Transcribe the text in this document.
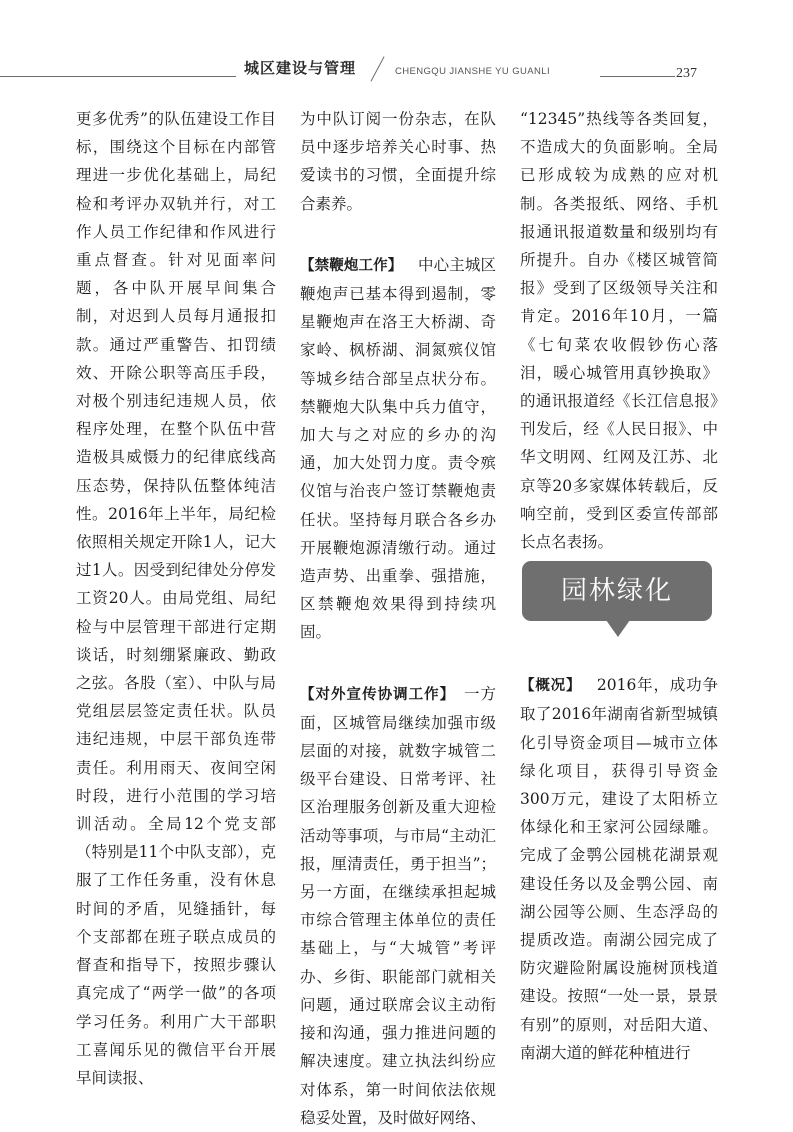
城区建设与管理	CHENGQU JIANSHE YU GUANLI	237

更多优秀”的队伍建设工作目标，围绕这个目标在内部管理进一步优化基础上，局纪检和考评办双轨并行，对工作人员工作纪律和作风进行重点督查。针对见面率问题，各中队开展早间集合制，对迟到人员每月通报扣款。通过严重警告、扣罚绩效、开除公职等高压手段，对极个别违纪违规人员，依程序处理，在整个队伍中营造极具威慑力的纪律底线高压态势，保持队伍整体纯洁性。2016年上半年，局纪检依照相关规定开除1人，记大过1人。因受到纪律处分停发工资20人。由局党组、局纪检与中层管理干部进行定期谈话，时刻绷紧廉政、勤政之弦。各股（室）、中队与局党组层层签定责任状。队员违纪违规，中层干部负连带责任。利用雨天、夜间空闲时段，进行小范围的学习培训活动。全局12个党支部（特别是11个中队支部），克服了工作任务重，没有休息时间的矛盾，见缝插针，每个支部都在班子联点成员的督查和指导下，按照步骤认真完成了“两学一做”的各项学习任务。利用广大干部职工喜闻乐见的微信平台开展早间读报、

为中队订阅一份杂志，在队员中逐步培养关心时事、热爱读书的习惯，全面提升综合素养。

【禁鞭炮工作】  中心主城区鞭炮声已基本得到遏制，零星鞭炮声在洛王大桥湖、奇家岭、枫桥湖、洞氮殡仪馆等城乡结合部呈点状分布。禁鞭炮大队集中兵力值守，加大与之对应的乡办的沟通，加大处罚力度。责令殡仪馆与治丧户签订禁鞭炮责任状。坚持每月联合各乡办开展鞭炮源清缴行动。通过造声势、出重拳、强措施，区禁鞭炮效果得到持续巩固。

【对外宣传协调工作】  一方面，区城管局继续加强市级层面的对接，就数字城管二级平台建设、日常考评、社区治理服务创新及重大迎检活动等事项，与市局“主动汇报，厘清责任，勇于担当”；另一方面，在继续承担起城市综合管理主体单位的责任基础上，与“大城管”考评办、乡街、职能部门就相关问题，通过联席会议主动衔接和沟通，强力推进问题的解决速度。建立执法纠纷应对体系，第一时间依法依规稳妥处置，及时做好网络、

“12345”热线等各类回复，不造成大的负面影响。全局已形成较为成熟的应对机制。各类报纸、网络、手机报通讯报道数量和级别均有所提升。自办《楼区城管简报》受到了区级领导关注和肯定。2016年10月，一篇《七旬菜农收假钞伤心落泪，暖心城管用真钞换取》的通讯报道经《长江信息报》刊发后，经《人民日报》、中华文明网、红网及江苏、北京等20多家媒体转载后，反响空前，受到区委宣传部部长点名表扬。

园林绿化

【概况】  2016年，成功争取了2016年湖南省新型城镇化引导资金项目—城市立体绿化项目，获得引导资金300万元，建设了太阳桥立体绿化和王家河公园绿雕。完成了金鹗公园桃花湖景观建设任务以及金鹗公园、南湖公园等公厕、生态浮岛的提质改造。南湖公园完成了防灾避险附属设施树顶栈道建设。按照“一处一景，景景有别”的原则，对岳阳大道、南湖大道的鲜花种植进行
